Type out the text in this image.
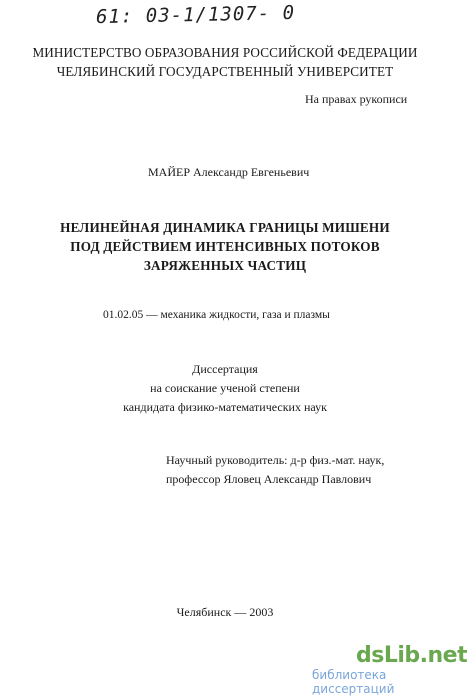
61: 03-1/1307- 0
МИНИСТЕРСТВО ОБРАЗОВАНИЯ РОССИЙСКОЙ ФЕДЕРАЦИИ
ЧЕЛЯБИНСКИЙ ГОСУДАРСТВЕННЫЙ УНИВЕРСИТЕТ
На правах рукописи
МАЙЕР Александр Евгеньевич
НЕЛИНЕЙНАЯ ДИНАМИКА ГРАНИЦЫ МИШЕНИ
ПОД ДЕЙСТВИЕМ ИНТЕНСИВНЫХ ПОТОКОВ
ЗАРЯЖЕННЫХ ЧАСТИЦ
01.02.05 — механика жидкости, газа и плазмы
Диссертация
на соискание ученой степени
кандидата физико-математических наук
Научный руководитель: д-р физ.-мат. наук,
профессор Яловец Александр Павлович
Челябинск — 2003
dsLib.net
библиотека диссертаций
